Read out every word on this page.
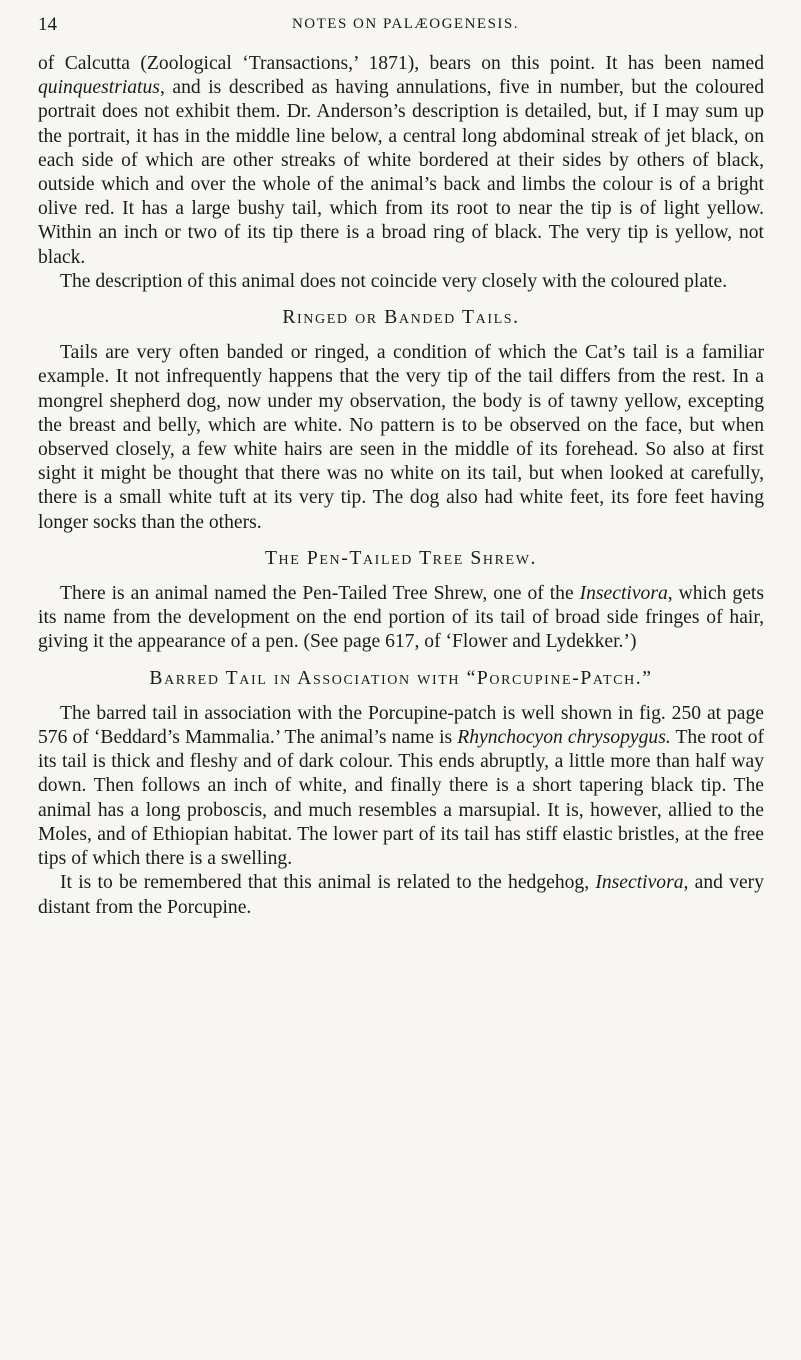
14	NOTES ON PALÆOGENESIS.

of Calcutta (Zoological ‘Transactions,’ 1871), bears on this point. It has been named quinquestriatus, and is described as having annulations, five in number, but the coloured portrait does not exhibit them. Dr. Anderson’s description is detailed, but, if I may sum up the portrait, it has in the middle line below, a central long abdominal streak of jet black, on each side of which are other streaks of white bordered at their sides by others of black, outside which and over the whole of the animal’s back and limbs the colour is of a bright olive red. It has a large bushy tail, which from its root to near the tip is of light yellow. Within an inch or two of its tip there is a broad ring of black. The very tip is yellow, not black.

The description of this animal does not coincide very closely with the coloured plate.

Ringed or Banded Tails.

Tails are very often banded or ringed, a condition of which the Cat’s tail is a familiar example. It not infrequently happens that the very tip of the tail differs from the rest. In a mongrel shepherd dog, now under my observation, the body is of tawny yellow, excepting the breast and belly, which are white. No pattern is to be observed on the face, but when observed closely, a few white hairs are seen in the middle of its forehead. So also at first sight it might be thought that there was no white on its tail, but when looked at carefully, there is a small white tuft at its very tip. The dog also had white feet, its fore feet having longer socks than the others.

The Pen-Tailed Tree Shrew.

There is an animal named the Pen-Tailed Tree Shrew, one of the Insectivora, which gets its name from the development on the end portion of its tail of broad side fringes of hair, giving it the appearance of a pen. (See page 617, of ‘Flower and Lydekker.’)

Barred Tail in Association with “Porcupine-Patch.”

The barred tail in association with the Porcupine-patch is well shown in fig. 250 at page 576 of ‘Beddard’s Mammalia.’ The animal’s name is Rhynchocyon chrysopygus. The root of its tail is thick and fleshy and of dark colour. This ends abruptly, a little more than half way down. Then follows an inch of white, and finally there is a short tapering black tip. The animal has a long proboscis, and much resembles a marsupial. It is, however, allied to the Moles, and of Ethiopian habitat. The lower part of its tail has stiff elastic bristles, at the free tips of which there is a swelling.

It is to be remembered that this animal is related to the hedgehog, Insectivora, and very distant from the Porcupine.
